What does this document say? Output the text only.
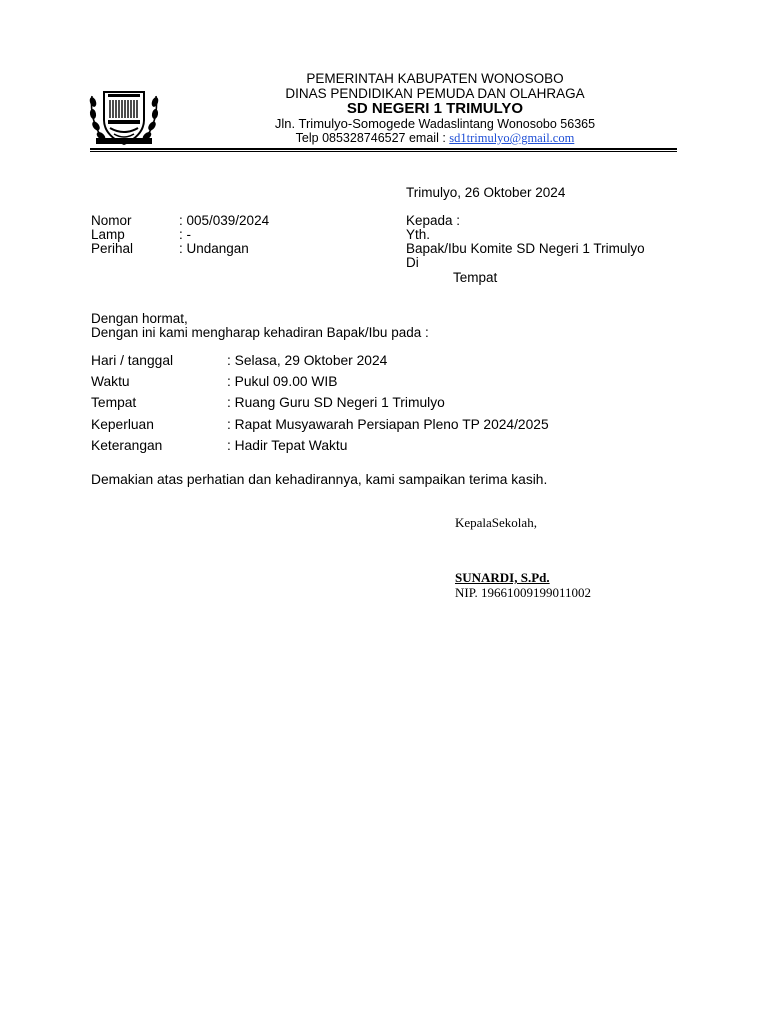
PEMERINTAH KABUPATEN WONOSOBO
DINAS PENDIDIKAN PEMUDA DAN OLAHRAGA
SD NEGERI 1 TRIMULYO
Jln. Trimulyo-Somogede Wadaslintang Wonosobo 56365
Telp 085328746527 email : sd1trimulyo@gmail.com
Trimulyo, 26 Oktober 2024
Nomor	: 005/039/2024
Lamp	: -
Perihal	: Undangan
Kepada :
Yth.
Bapak/Ibu Komite SD Negeri 1 Trimulyo
Di
Tempat
Dengan hormat,
Dengan ini kami mengharap kehadiran Bapak/Ibu pada :
Hari / tanggal	: Selasa, 29 Oktober 2024
Waktu	: Pukul 09.00 WIB
Tempat	: Ruang Guru SD Negeri 1 Trimulyo
Keperluan	: Rapat Musyawarah Persiapan Pleno TP 2024/2025
Keterangan	: Hadir Tepat Waktu
Demakian atas perhatian dan kehadirannya, kami sampaikan terima kasih.
KepalaSekolah,
SUNARDI, S.Pd.
NIP. 19661009199011002
